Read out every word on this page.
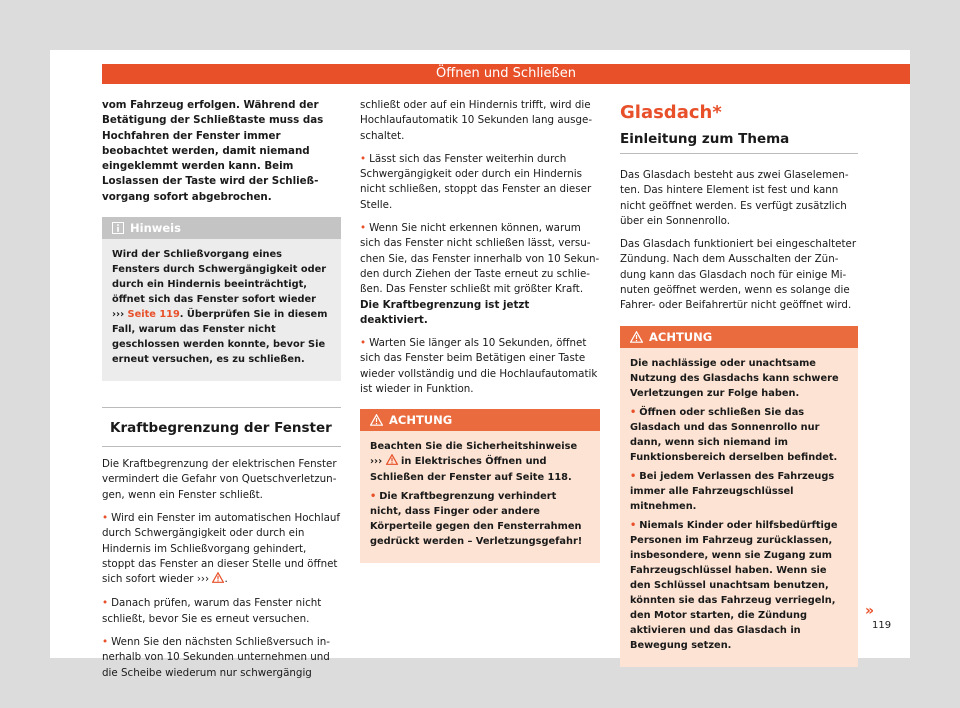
Öffnen und Schließen

vom Fahrzeug erfolgen. Während der Betätigung der Schließtaste muss das Hochfahren der Fenster immer beobachtet werden, damit niemand eingeklemmt werden kann. Beim Loslassen der Taste wird der Schließvorgang sofort abgebrochen.

Hinweis

Wird der Schließvorgang eines Fensters durch Schwergängigkeit oder durch ein Hindernis beeinträchtigt, öffnet sich das Fenster sofort wieder ››› Seite 119. Überprüfen Sie in diesem Fall, warum das Fenster nicht geschlossen werden konnte, bevor Sie erneut versuchen, es zu schließen.

Kraftbegrenzung der Fenster

Die Kraftbegrenzung der elektrischen Fenster vermindert die Gefahr von Quetschverletzungen, wenn ein Fenster schließt.

• Wird ein Fenster im automatischen Hochlauf durch Schwergängigkeit oder durch ein Hindernis im Schließvorgang gehindert, stoppt das Fenster an dieser Stelle und öffnet sich sofort wieder ››› .

• Danach prüfen, warum das Fenster nicht schließt, bevor Sie es erneut versuchen.

• Wenn Sie den nächsten Schließversuch innerhalb von 10 Sekunden unternehmen und die Scheibe wiederum nur schwergängig

schließt oder auf ein Hindernis trifft, wird die Hochlaufautomatik 10 Sekunden lang ausgeschaltet.

• Lässt sich das Fenster weiterhin durch Schwergängigkeit oder durch ein Hindernis nicht schließen, stoppt das Fenster an dieser Stelle.

• Wenn Sie nicht erkennen können, warum sich das Fenster nicht schließen lässt, versuchen Sie, das Fenster innerhalb von 10 Sekunden durch Ziehen der Taste erneut zu schließen. Das Fenster schließt mit größter Kraft. Die Kraftbegrenzung ist jetzt deaktiviert.

• Warten Sie länger als 10 Sekunden, öffnet sich das Fenster beim Betätigen einer Taste wieder vollständig und die Hochlaufautomatik ist wieder in Funktion.

ACHTUNG

Beachten Sie die Sicherheitshinweise ››› in Elektrisches Öffnen und Schließen der Fenster auf Seite 118.

• Die Kraftbegrenzung verhindert nicht, dass Finger oder andere Körperteile gegen den Fensterrahmen gedrückt werden – Verletzungsgefahr!

Glasdach*
Einleitung zum Thema

Das Glasdach besteht aus zwei Glaselementen. Das hintere Element ist fest und kann nicht geöffnet werden. Es verfügt zusätzlich über ein Sonnenrollo.

Das Glasdach funktioniert bei eingeschalteter Zündung. Nach dem Ausschalten der Zündung kann das Glasdach noch für einige Minuten geöffnet werden, wenn es solange die Fahrer- oder Beifahrertür nicht geöffnet wird.

ACHTUNG

Die nachlässige oder unachtsame Nutzung des Glasdachs kann schwere Verletzungen zur Folge haben.

• Öffnen oder schließen Sie das Glasdach und das Sonnenrollo nur dann, wenn sich niemand im Funktionsbereich derselben befindet.

• Bei jedem Verlassen des Fahrzeugs immer alle Fahrzeugschlüssel mitnehmen.

• Niemals Kinder oder hilfsbedürftige Personen im Fahrzeug zurücklassen, insbesondere, wenn sie Zugang zum Fahrzeugschlüssel haben. Wenn sie den Schlüssel unachtsam benutzen, könnten sie das Fahrzeug verriegeln, den Motor starten, die Zündung aktivieren und das Glasdach in Bewegung setzen.

»
119
